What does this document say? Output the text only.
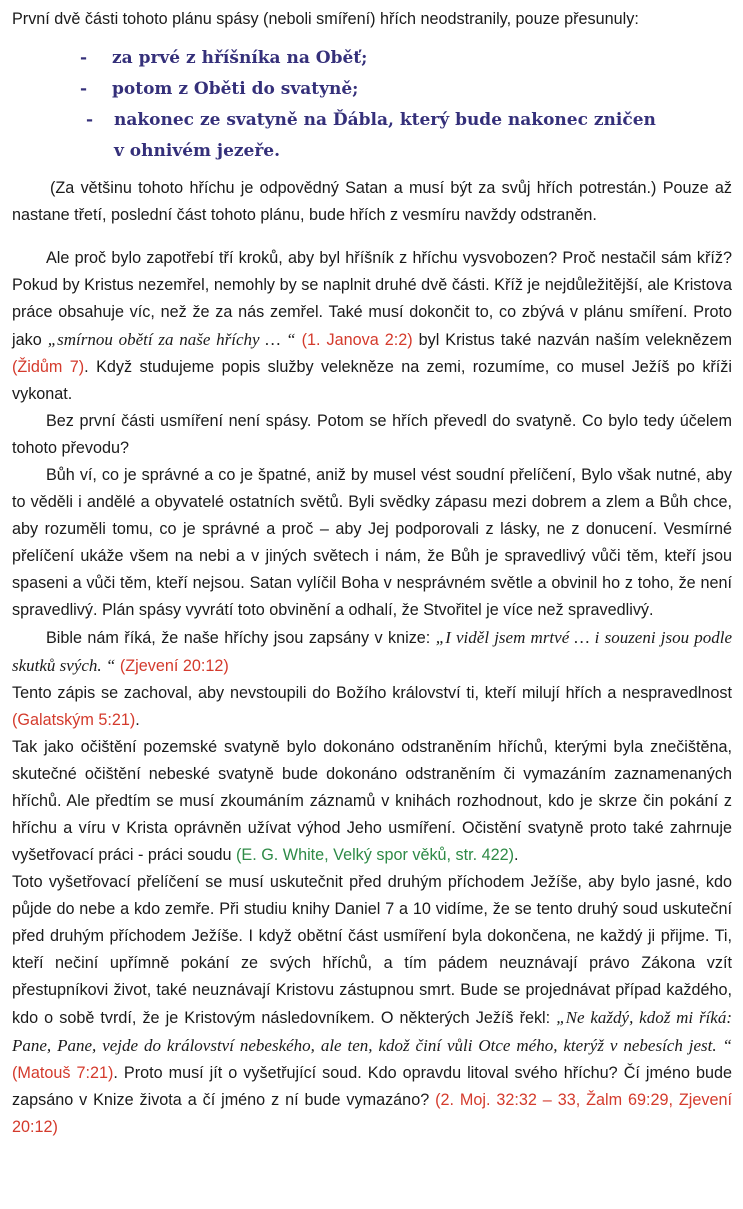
První dvě části tohoto plánu spásy (neboli smíření) hřích neodstranily, pouze přesunuly:

- za prvé z hříšníka na Oběť;
- potom z Oběti do svatyně;
- nakonec ze svatyně na Ďábla, který bude nakonec zničen
v ohnivém jezeře.

(Za většinu tohoto hříchu je odpovědný Satan a musí být za svůj hřích potrestán.) Pouze až nastane třetí, poslední část tohoto plánu, bude hřích z vesmíru navždy odstraněn.

Ale proč bylo zapotřebí tří kroků, aby byl hříšník z hříchu vysvobozen? Proč nestačil sám kříž? Pokud by Kristus nezemřel, nemohly by se naplnit druhé dvě části. Kříž je nejdůležitější, ale Kristova práce obsahuje víc, než že za nás zemřel. Také musí dokončit to, co zbývá v plánu smíření. Proto jako „smírnou obětí za naše hříchy … “ (1. Janova 2:2) byl Kristus také nazván naším veleknězem (Židům 7). Když studujeme popis služby velekněze na zemi, rozumíme, co musel Ježíš po kříži vykonat.

Bez první části usmíření není spásy. Potom se hřích převedl do svatyně. Co bylo tedy účelem tohoto převodu?

Bůh ví, co je správné a co je špatné, aniž by musel vést soudní přelíčení, Bylo však nutné, aby to věděli i andělé a obyvatelé ostatních světů. Byli svědky zápasu mezi dobrem a zlem a Bůh chce, aby rozuměli tomu, co je správné a proč – aby Jej podporovali z lásky, ne z donucení. Vesmírné přelíčení ukáže všem na nebi a v jiných světech i nám, že Bůh je spravedlivý vůči těm, kteří jsou spaseni a vůči těm, kteří nejsou. Satan vylíčil Boha v nesprávném světle a obvinil ho z toho, že není spravedlivý. Plán spásy vyvrátí toto obvinění a odhalí, že Stvořitel je více než spravedlivý.

Bible nám říká, že naše hříchy jsou zapsány v knize: „I viděl jsem mrtvé … i souzeni jsou podle skutků svých. “ (Zjevení 20:12)

Tento zápis se zachoval, aby nevstoupili do Božího království ti, kteří milují hřích a nespravedlnost (Galatským 5:21).

Tak jako očištění pozemské svatyně bylo dokonáno odstraněním hříchů, kterými byla znečištěna, skutečné očištění nebeské svatyně bude dokonáno odstraněním či vymazáním zaznamenaných hříchů. Ale předtím se musí zkoumáním záznamů v knihách rozhodnout, kdo je skrze čin pokání z hříchu a víru v Krista oprávněn užívat výhod Jeho usmíření. Očistění svatyně proto také zahrnuje vyšetřovací práci - práci soudu (E. G. White, Velký spor věků, str. 422).

Toto vyšetřovací přelíčení se musí uskutečnit před druhým příchodem Ježíše, aby bylo jasné, kdo půjde do nebe a kdo zemře. Při studiu knihy Daniel 7 a 10 vidíme, že se tento druhý soud uskuteční před druhým příchodem Ježíše. I když obětní část usmíření byla dokončena, ne každý ji přijme. Ti, kteří nečiní upřímně pokání ze svých hříchů, a tím pádem neuznávají právo Zákona vzít přestupníkovi život, také neuznávají Kristovu zástupnou smrt. Bude se projednávat případ každého, kdo o sobě tvrdí, že je Kristovým následovníkem. O některých Ježíš řekl: „Ne každý, kdož mi říká: Pane, Pane, vejde do království nebeského, ale ten, kdož činí vůli Otce mého, kterýž v nebesích jest. “ (Matouš 7:21). Proto musí jít o vyšetřující soud. Kdo opravdu litoval svého hříchu? Čí jméno bude zapsáno v Knize života a čí jméno z ní bude vymazáno? (2. Moj. 32:32 – 33, Žalm 69:29, Zjevení 20:12)
